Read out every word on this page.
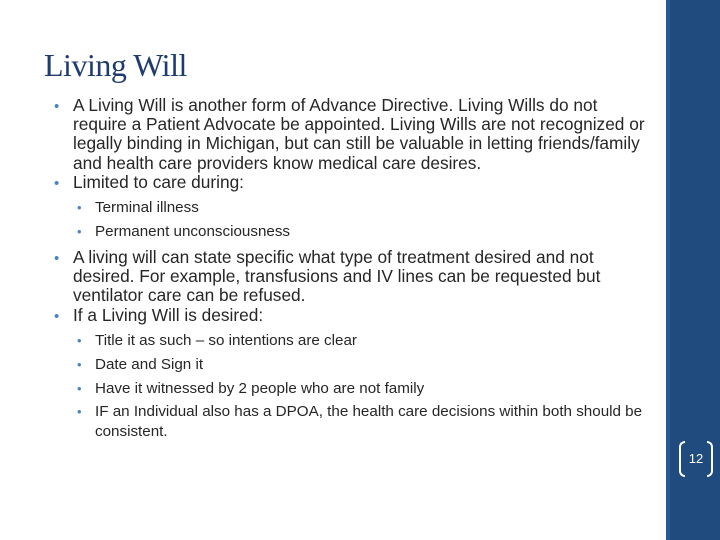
Living Will

• A Living Will is another form of Advance Directive. Living Wills do not require a Patient Advocate be appointed. Living Wills are not recognized or legally binding in Michigan, but can still be valuable in letting friends/family and health care providers know medical care desires.

• Limited to care during:

• Terminal illness

• Permanent unconsciousness

• A living will can state specific what type of treatment desired and not desired. For example, transfusions and IV lines can be requested but ventilator care can be refused.

• If a Living Will is desired:

• Title it as such – so intentions are clear

• Date and Sign it

• Have it witnessed by 2 people who are not family

• IF an Individual also has a DPOA, the health care decisions within both should be consistent.

12
